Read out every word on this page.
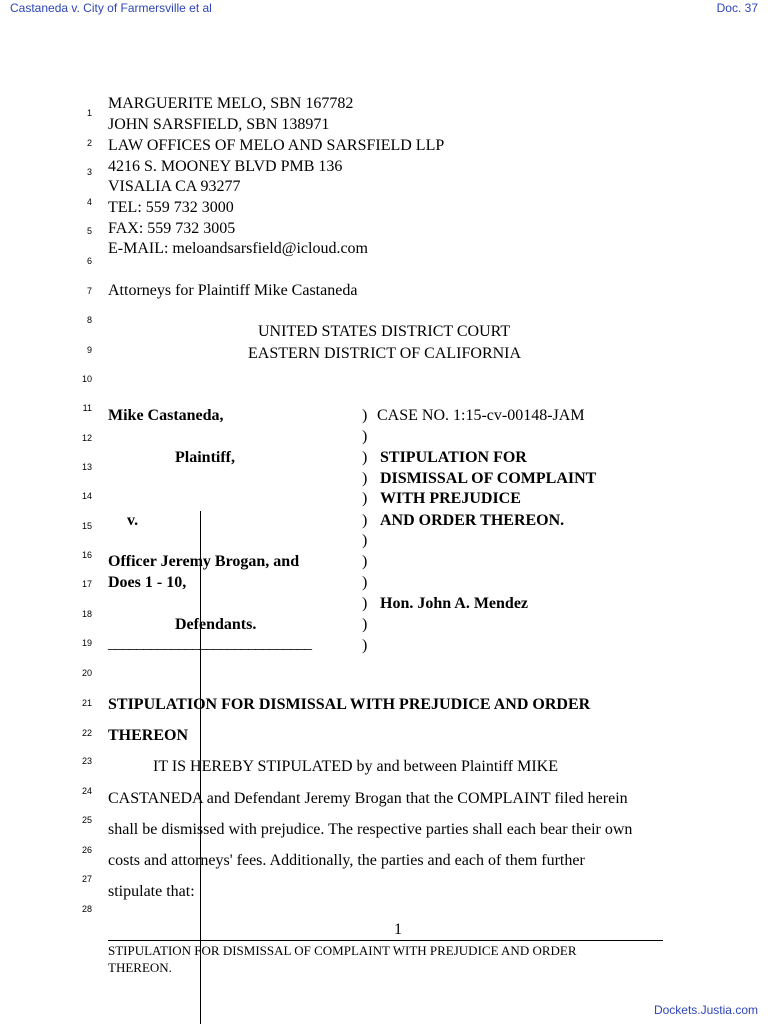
Castaneda v. City of Farmersville et al	Doc. 37
1
2
3
4
5
6
7
8
9
10
11
12
13
14
15
16
17
18
19
20
21
22
23
24
25
26
27
28
MARGUERITE MELO, SBN 167782
JOHN SARSFIELD, SBN 138971
LAW OFFICES OF MELO AND SARSFIELD LLP
4216 S. MOONEY BLVD PMB 136
VISALIA CA 93277
TEL: 559 732 3000
FAX: 559 732 3005
E-MAIL: meloandsarsfield@icloud.com
Attorneys for Plaintiff Mike Castaneda
UNITED STATES DISTRICT COURT
EASTERN DISTRICT OF CALIFORNIA
Mike Castaneda,
Plaintiff,
v.
Officer Jeremy Brogan, and
Does 1 - 10,
Defendants.
_____________________________
)
)
)
)
)
)
)
)
)
)
)
)
CASE NO. 1:15-cv-00148-JAM
STIPULATION FOR
DISMISSAL OF COMPLAINT
WITH PREJUDICE
AND ORDER THEREON.
Hon. John A. Mendez
STIPULATION FOR DISMISSAL WITH PREJUDICE AND ORDER
THEREON
IT IS HEREBY STIPULATED by and between Plaintiff MIKE
CASTANEDA and Defendant Jeremy Brogan that the COMPLAINT filed herein
shall be dismissed with prejudice. The respective parties shall each bear their own
costs and attorneys' fees. Additionally, the parties and each of them further
stipulate that:
1
STIPULATION FOR DISMISSAL OF COMPLAINT WITH PREJUDICE AND ORDER
THEREON.
Dockets.Justia.com
